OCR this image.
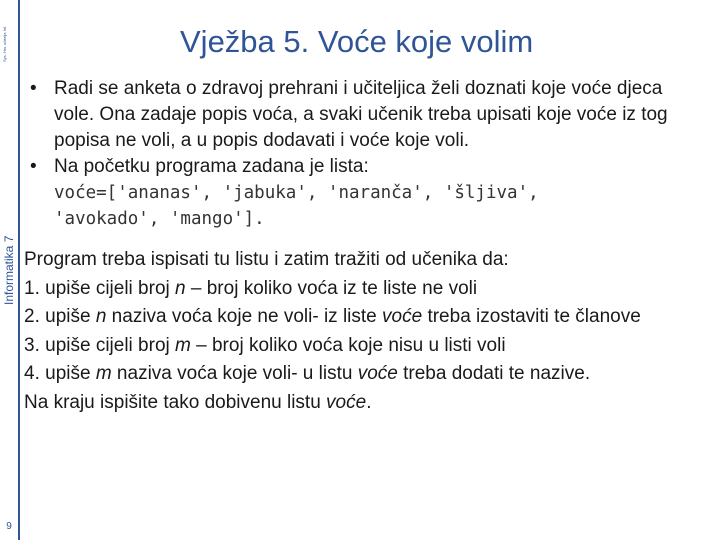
Sys. Hrv. učitelja Inf.
Informatika 7
9
Vježba 5. Voće koje volim
• Radi se anketa o zdravoj prehrani i učiteljica želi doznati koje voće djeca vole. Ona zadaje popis voća, a svaki učenik treba upisati koje voće iz tog popisa ne voli, a u popis dodavati i voće koje voli.
• Na početku programa zadana je lista:
voće=['ananas', 'jabuka', 'naranča', 'šljiva',
'avokado', 'mango'].

Program treba ispisati tu listu i zatim tražiti od učenika da:

1. upiše cijeli broj n – broj koliko voća iz te liste ne voli

2. upiše n naziva voća koje ne voli- iz liste voće treba izostaviti te članove

3. upiše cijeli broj m – broj koliko voća koje nisu u listi voli

4. upiše m naziva voća koje voli- u listu voće treba dodati te nazive.

Na kraju ispišite tako dobivenu listu voće.
